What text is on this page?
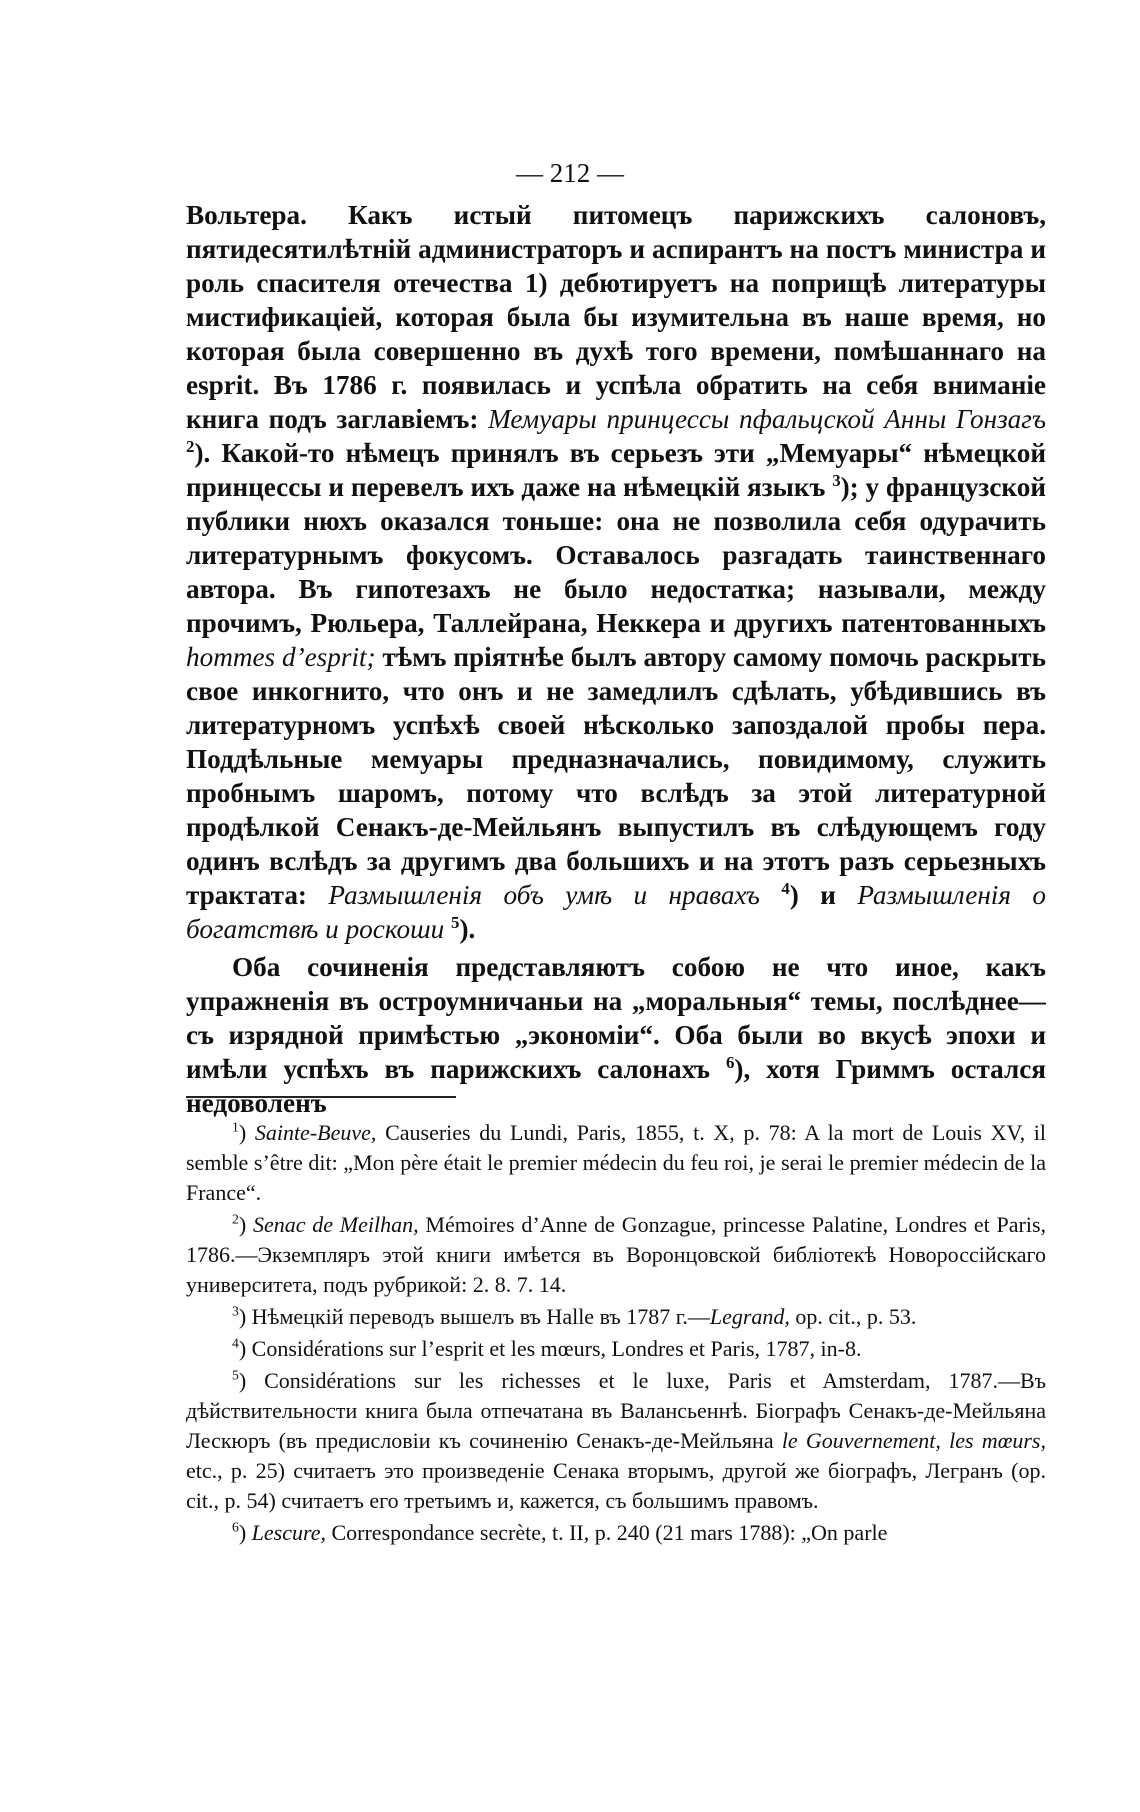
— 212 —

Вольтера. Какъ истый питомецъ парижскихъ салоновъ, пятидесятилѣтній администраторъ и аспирантъ на постъ министра и роль спасителя отечества 1) дебютируетъ на поприщѣ литературы мистификаціей, которая была бы изумительна въ наше время, но которая была совершенно въ духѣ того времени, помѣшаннаго на esprit. Въ 1786 г. появилась и успѣла обратить на себя вниманіе книга подъ заглавіемъ: Мемуары принцессы пфальцской Анны Гонзагъ $^2$). Какой-то нѣмецъ принялъ въ серьезъ эти „Мемуары“ нѣмецкой принцессы и перевелъ ихъ даже на нѣмецкій языкъ $^3$); у французской публики нюхъ оказался тоньше: она не позволила себя одурачить литературнымъ фокусомъ. Оставалось разгадать таинственнаго автора. Въ гипотезахъ не было недостатка; называли, между прочимъ, Рюльера, Таллейрана, Неккера и другихъ патентованныхъ hommes d’esprit; тѣмъ пріятнѣе былъ автору самому помочь раскрыть свое инкогнито, что онъ и не замедлилъ сдѣлать, убѣдившись въ литературномъ успѣхѣ своей нѣсколько запоздалой пробы пера. Поддѣльные мемуары предназначались, повидимому, служить пробнымъ шаромъ, потому что вслѣдъ за этой литературной продѣлкой Сенакъ-де-Мейльянъ выпустилъ въ слѣдующемъ году одинъ вслѣдъ за другимъ два большихъ и на этотъ разъ серьезныхъ трактата: Размышленія объ умѣ и нравахъ $^4$) и Размышленія о богатствѣ и роскоши $^5$).

Оба сочиненія представляютъ собою не что иное, какъ упражненія въ остроумничаньи на „моральныя“ темы, послѣднее—съ изрядной примѣстью „экономіи“. Оба были во вкусѣ эпохи и имѣли успѣхъ въ парижскихъ салонахъ $^6$), хотя Гриммъ остался недоволенъ

$^1$) Sainte-Beuve, Causeries du Lundi, Paris, 1855, t. X, p. 78: A la mort de Louis XV, il semble s’être dit: „Mon père était le premier médecin du feu roi, je serai le premier médecin de la France“.

$^2$) Senac de Meilhan, Mémoires d’Anne de Gonzague, princesse Palatine, Londres et Paris, 1786.—Экземпляръ этой книги имѣется въ Воронцовской библіотекѣ Новороссійскаго университета, подъ рубрикой: 2. 8. 7. 14.

$^3$) Нѣмецкій переводъ вышелъ въ Halle въ 1787 г.—Legrand, op. cit., p. 53.

$^4$) Considérations sur l’esprit et les mœurs, Londres et Paris, 1787, in-8.

$^5$) Considérations sur les richesses et le luxe, Paris et Amsterdam, 1787.—Въ дѣйствительности книга была отпечатана въ Валансьеннѣ. Біографъ Сенакъ-де-Мейльяна Лескюръ (въ предисловіи къ сочиненію Сенакъ-де-Мейльяна le Gouvernement, les mœurs, etc., p. 25) считаетъ это произведеніе Сенака вторымъ, другой же біографъ, Легранъ (op. cit., p. 54) считаетъ его третьимъ и, кажется, съ большимъ правомъ.

$^6$) Lescure, Correspondance secrète, t. II, p. 240 (21 mars 1788): „On parle
